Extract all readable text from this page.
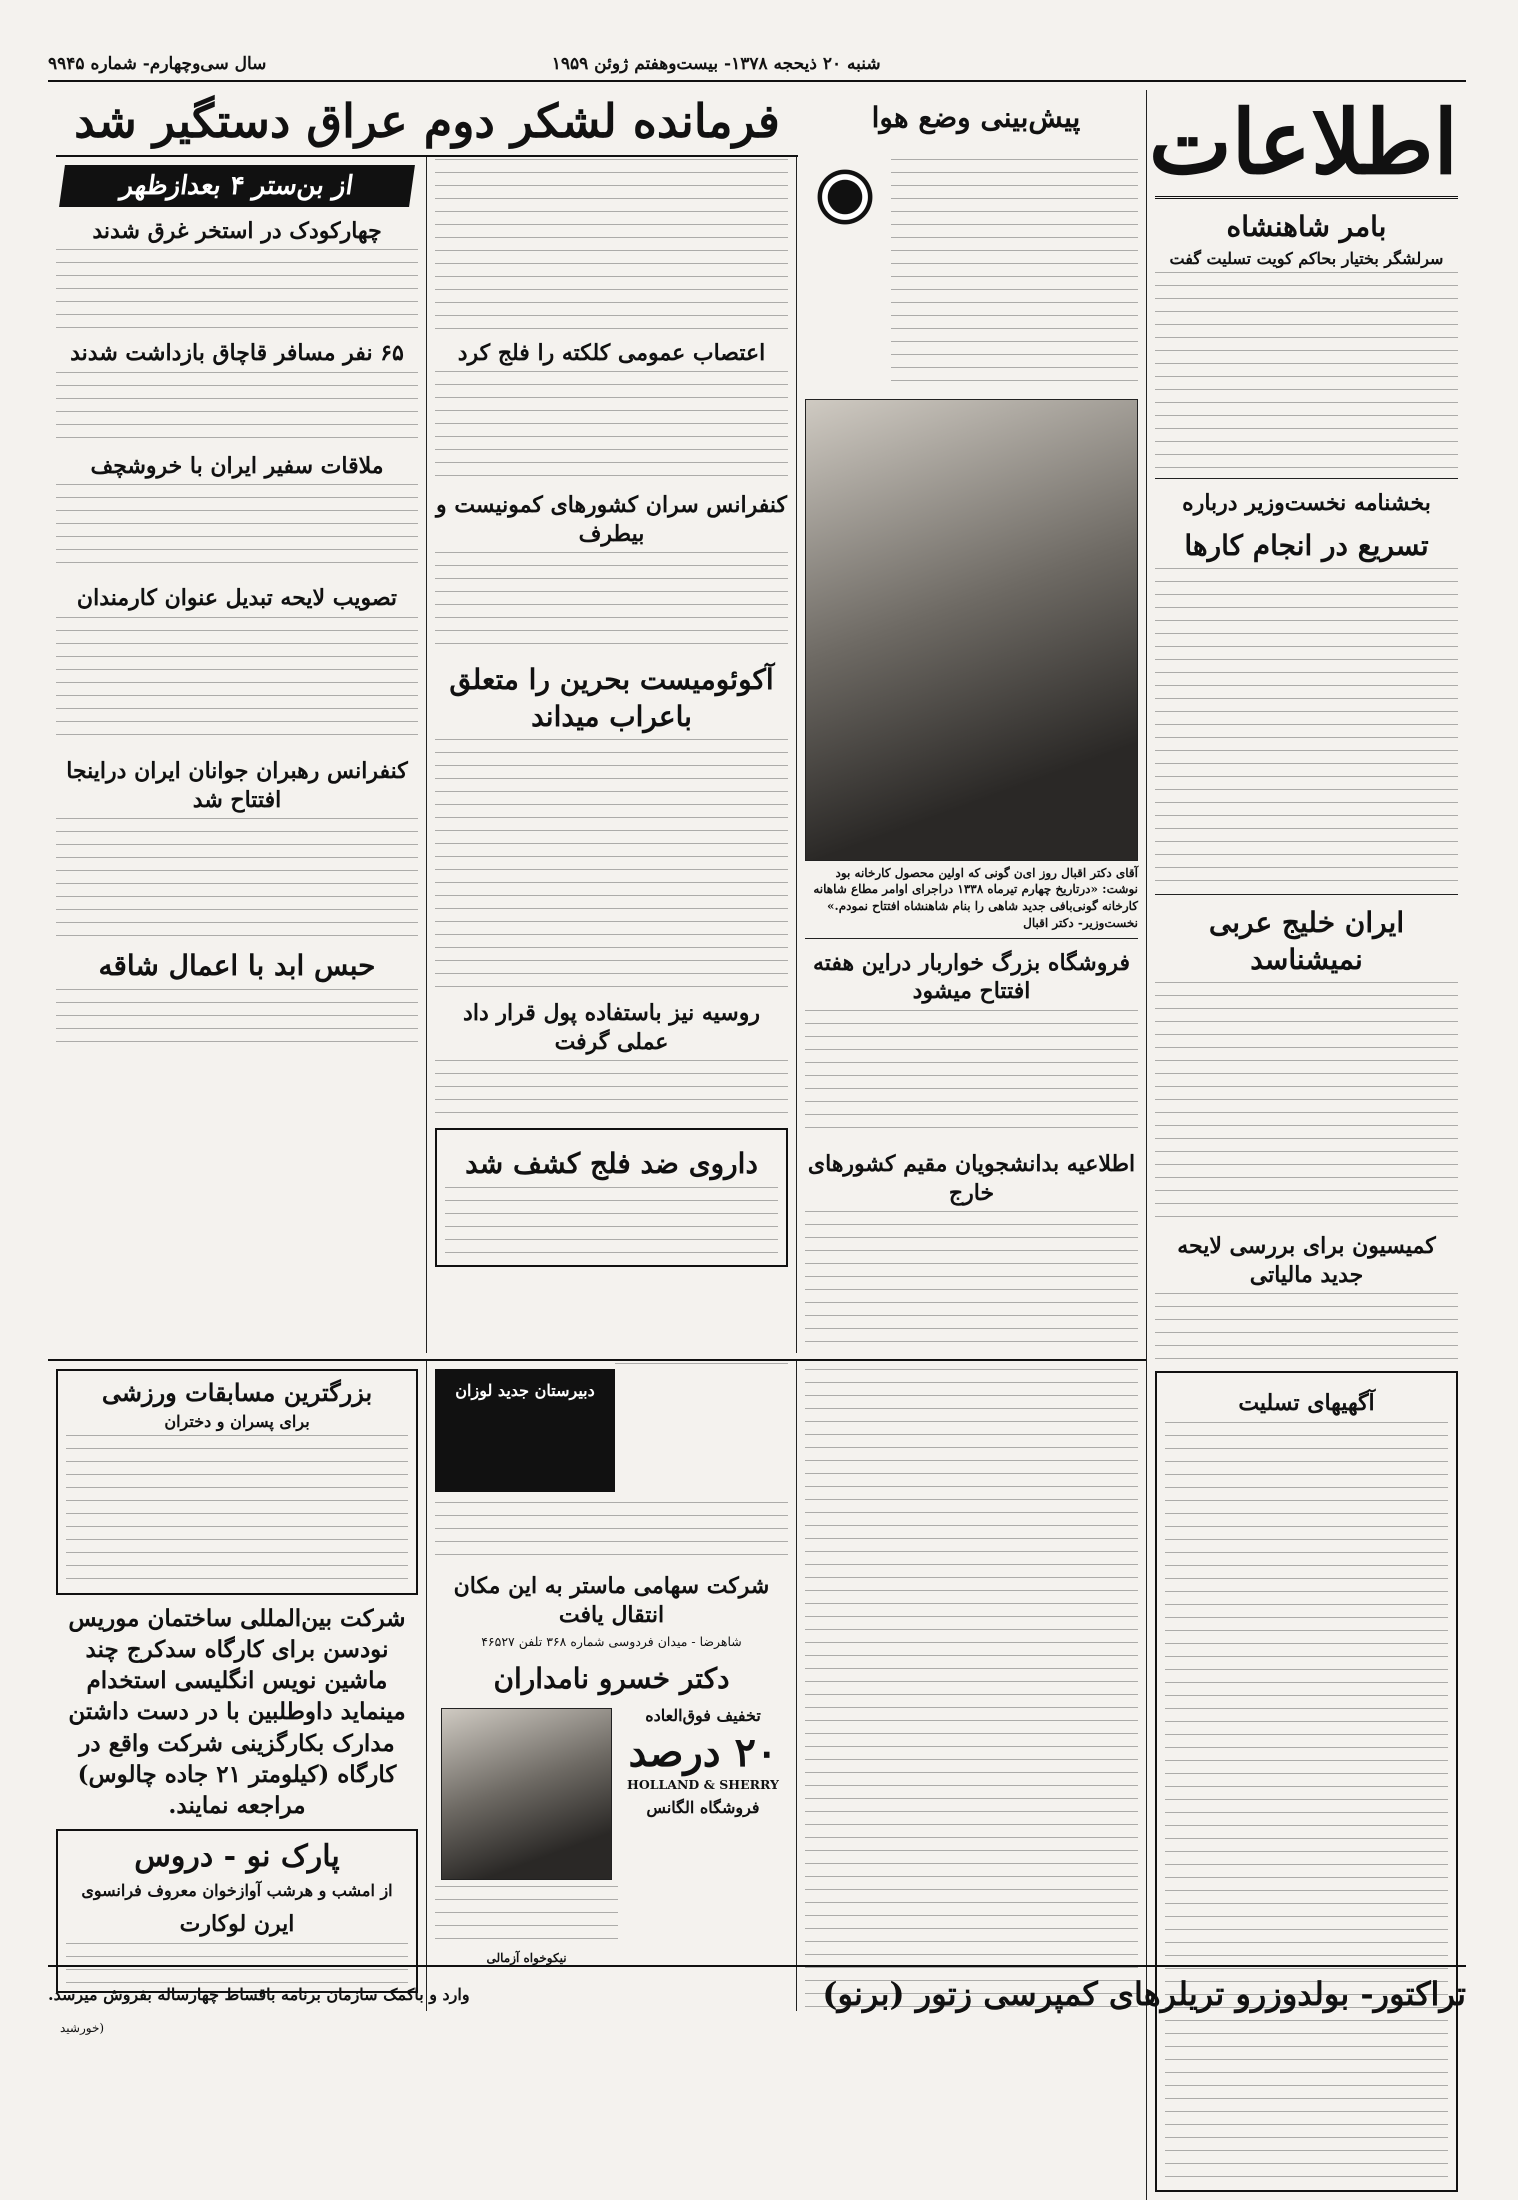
شنبه ۲۰ ذیحجه ۱۳۷۸- بیست‌وهفتم ژوئن ۱۹۵۹
سال سی‌وچهارم- شماره ۹۹۴۵
اطلاعات
بامر شاهنشاه
سرلشگر بختیار بحاکم کویت تسلیت گفت
بخشنامه نخست‌وزیر درباره
تسریع در انجام کارها
ایران خلیج عربی نمیشناسد
کمیسیون برای بررسی لایحه جدید مالیاتی
آگهیهای تسلیت
پیش‌بینی وضع هوا
فرمانده لشکر دوم عراق دستگیر شد
آقای دکتر اقبال روز ای‌ن گونی که اولین محصول کارخانه بود نوشت: «درتاریخ چهارم تیرماه ۱۳۳۸ دراجرای اوامر مطاع شاهانه کارخانه گونی‌بافی جدید شاهی را بنام شاهنشاه افتتاح نمودم.» نخست‌وزیر- دکتر اقبال
فروشگاه بزرگ خواربار دراین هفته افتتاح میشود
اطلاعیه بدانشجویان مقیم کشورهای خارج
اعتصاب عمومی کلکته را فلج کرد
کنفرانس سران کشورهای کمونیست و بیطرف
آکوئومیست بحرین را متعلق باعراب میداند
روسیه نیز باستفاده پول قرار داد عملی گرفت
داروی ضد فلج کشف شد
از بن‌ستر ۴ بعدازظهر
چهارکودک در استخر غرق شدند
۶۵ نفر مسافر قاچاق بازداشت شدند
ملاقات سفیر ایران با خروشچف
تصویب لایحه تبدیل عنوان کارمندان
کنفرانس رهبران جوانان ایران دراینجا افتتاح شد
حبس ابد با اعمال شاقه
دبیرستان جدید لوزان
شرکت سهامی ماستر به این مکان انتقال یافت
شاهرضا - میدان فردوسی شماره ۳۶۸ تلفن ۴۶۵۲۷
دکتر خسرو نامداران
تخفیف فوق‌العاده
۲۰ درصد
HOLLAND & SHERRY
فروشگاه الگانس
نیکوخواه آزمالی
بزرگترین مسابقات ورزشی
برای پسران و دختران
شرکت بین‌المللی ساختمان موریس نودسن برای کارگاه سدکرج چند ماشین نویس انگلیسی استخدام مینماید داوطلبین با در دست داشتن مدارک بکارگزینی شرکت واقع در کارگاه (کیلومتر ۲۱ جاده چالوس) مراجعه نمایند.
پارک نو - دروس
از امشب و هرشب آوازخوان معروف فرانسوی
ایرن لوکارت
تراکتور- بولدوزرو تریلرهای کمپرسی زتور (برنو)
وارد و باکمک سازمان برنامه باقساط چهارساله بفروش میرسد.
(خورشید
